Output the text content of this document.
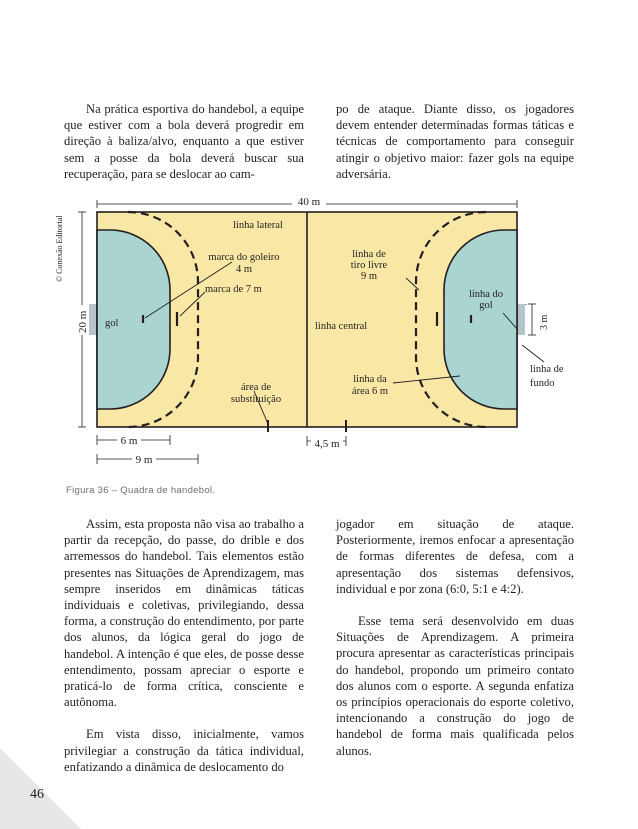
Na prática esportiva do handebol, a equipe que estiver com a bola deverá progredir em direção à baliza/alvo, enquanto a que estiver sem a posse da bola deverá buscar sua recuperação, para se deslocar ao cam-

po de ataque. Diante disso, os jogadores devem entender determinadas formas táticas e técnicas de comportamento para conseguir atingir o objetivo maior: fazer gols na equipe adversária.

© Conexão Editorial
40 m
20 m	3 m
6 m
9 m
4,5 m
linha lateral
marca do goleiro
4 m
marca de 7 m
linha de
tiro livre
9 m
linha do
gol
gol	linha central
linha da
área 6 m
área de
substituição
linha de
fundo
Figura 36 – Quadra de handebol.

Assim, esta proposta não visa ao trabalho a partir da recepção, do passe, do drible e dos arremessos do handebol. Tais elementos estão presentes nas Situações de Aprendizagem, mas sempre inseridos em dinâmicas táticas individuais e coletivas, privilegiando, dessa forma, a construção do entendimento, por parte dos alunos, da lógica geral do jogo de handebol. A intenção é que eles, de posse desse entendimento, possam apreciar o esporte e praticá-lo de forma crítica, consciente e autônoma.

Em vista disso, inicialmente, vamos privilegiar a construção da tática individual, enfatizando a dinâmica de deslocamento do

jogador em situação de ataque. Posteriormente, iremos enfocar a apresentação de formas diferentes de defesa, com a apresentação dos sistemas defensivos, individual e por zona (6:0, 5:1 e 4:2).

Esse tema será desenvolvido em duas Situações de Aprendizagem. A primeira procura apresentar as características principais do handebol, propondo um primeiro contato dos alunos com o esporte. A segunda enfatiza os princípios operacionais do esporte coletivo, intencionando a construção do jogo de handebol de forma mais qualificada pelos alunos.

46
